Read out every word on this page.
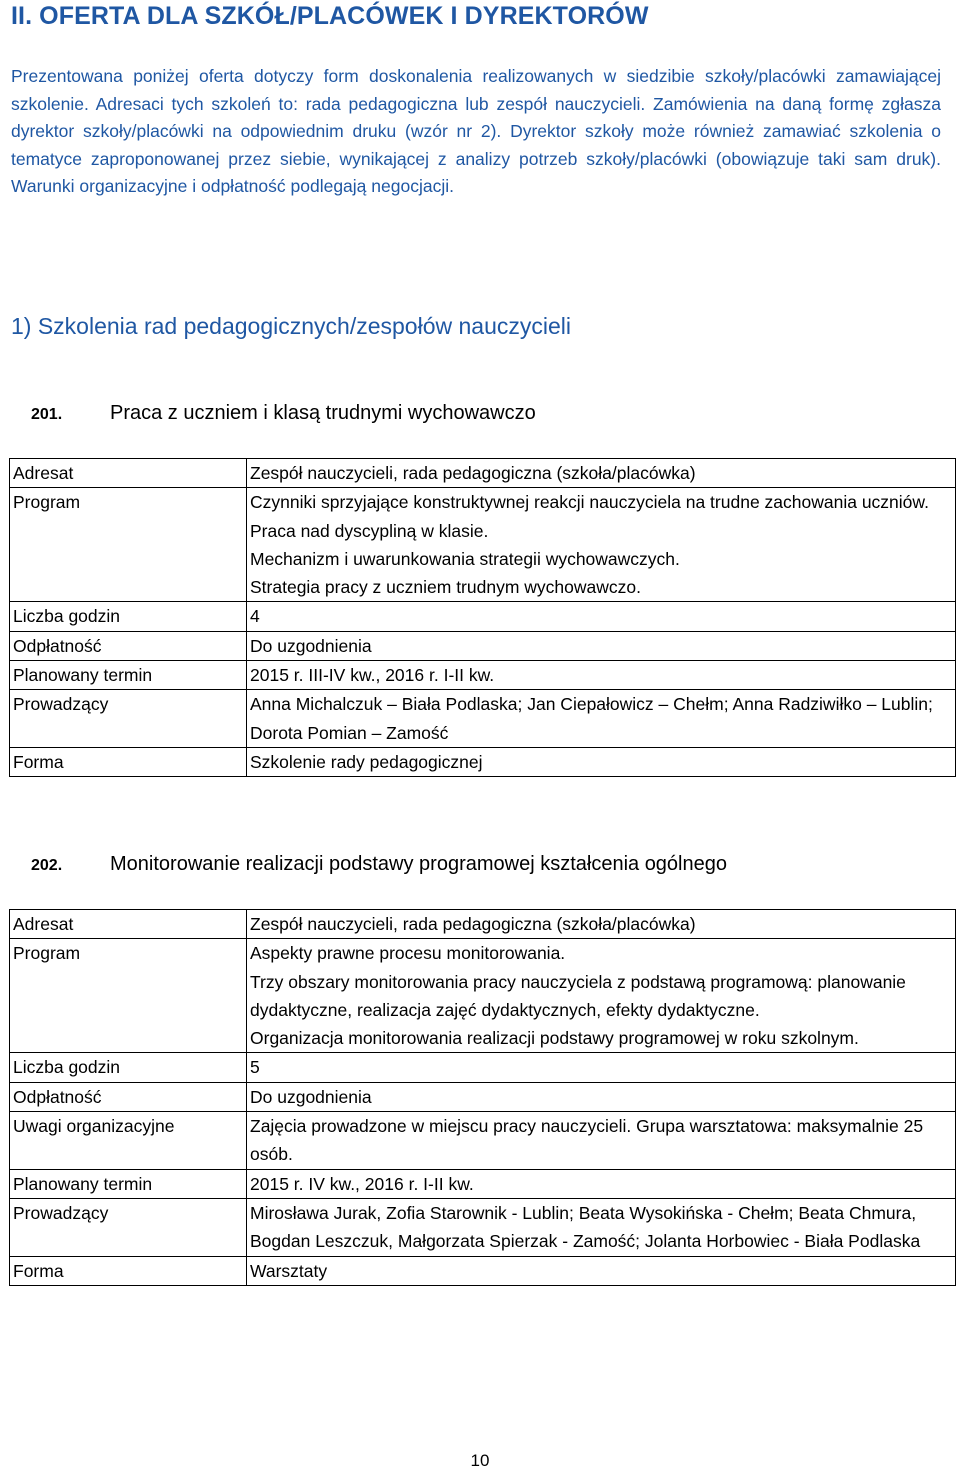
II. OFERTA DLA SZKÓŁ/PLACÓWEK I DYREKTORÓW
Prezentowana poniżej oferta dotyczy form doskonalenia realizowanych w siedzibie szkoły/placówki zamawiającej szkolenie. Adresaci tych szkoleń to: rada pedagogiczna lub zespół nauczycieli. Zamówienia na daną formę zgłasza dyrektor szkoły/placówki na odpowiednim druku (wzór nr 2). Dyrektor szkoły może również zamawiać szkolenia o tematyce zaproponowanej przez siebie, wynikającej z analizy potrzeb szkoły/placówki (obowiązuje taki sam druk). Warunki organizacyjne i odpłatność podlegają negocjacji.
1) Szkolenia rad pedagogicznych/zespołów nauczycieli
201. Praca z uczniem i klasą trudnymi wychowawczo
Adresat	Zespół nauczycieli, rada pedagogiczna (szkoła/placówka)
Program	Czynniki sprzyjające konstruktywnej reakcji nauczyciela na trudne zachowania uczniów.
Praca nad dyscypliną w klasie.
Mechanizm i uwarunkowania strategii wychowawczych.
Strategia pracy z uczniem trudnym wychowawczo.
Liczba godzin	4
Odpłatność	Do uzgodnienia
Planowany termin	2015 r. III-IV kw., 2016 r. I-II kw.
Prowadzący	Anna Michalczuk – Biała Podlaska; Jan Ciepałowicz – Chełm; Anna Radziwiłko – Lublin; Dorota Pomian – Zamość
Forma	Szkolenie rady pedagogicznej
202. Monitorowanie realizacji podstawy programowej kształcenia ogólnego
Adresat	Zespół nauczycieli, rada pedagogiczna (szkoła/placówka)
Program	Aspekty prawne procesu monitorowania.
Trzy obszary monitorowania pracy nauczyciela z podstawą programową: planowanie dydaktyczne, realizacja zajęć dydaktycznych, efekty dydaktyczne.
Organizacja monitorowania realizacji podstawy programowej w roku szkolnym.
Liczba godzin	5
Odpłatność	Do uzgodnienia
Uwagi organizacyjne	Zajęcia prowadzone w miejscu pracy nauczycieli. Grupa warsztatowa: maksymalnie 25 osób.
Planowany termin	2015 r. IV kw., 2016 r. I-II kw.
Prowadzący	Mirosława Jurak, Zofia Starownik - Lublin; Beata Wysokińska - Chełm; Beata Chmura, Bogdan Leszczuk, Małgorzata Spierzak - Zamość; Jolanta Horbowiec - Biała Podlaska
Forma	Warsztaty
10
